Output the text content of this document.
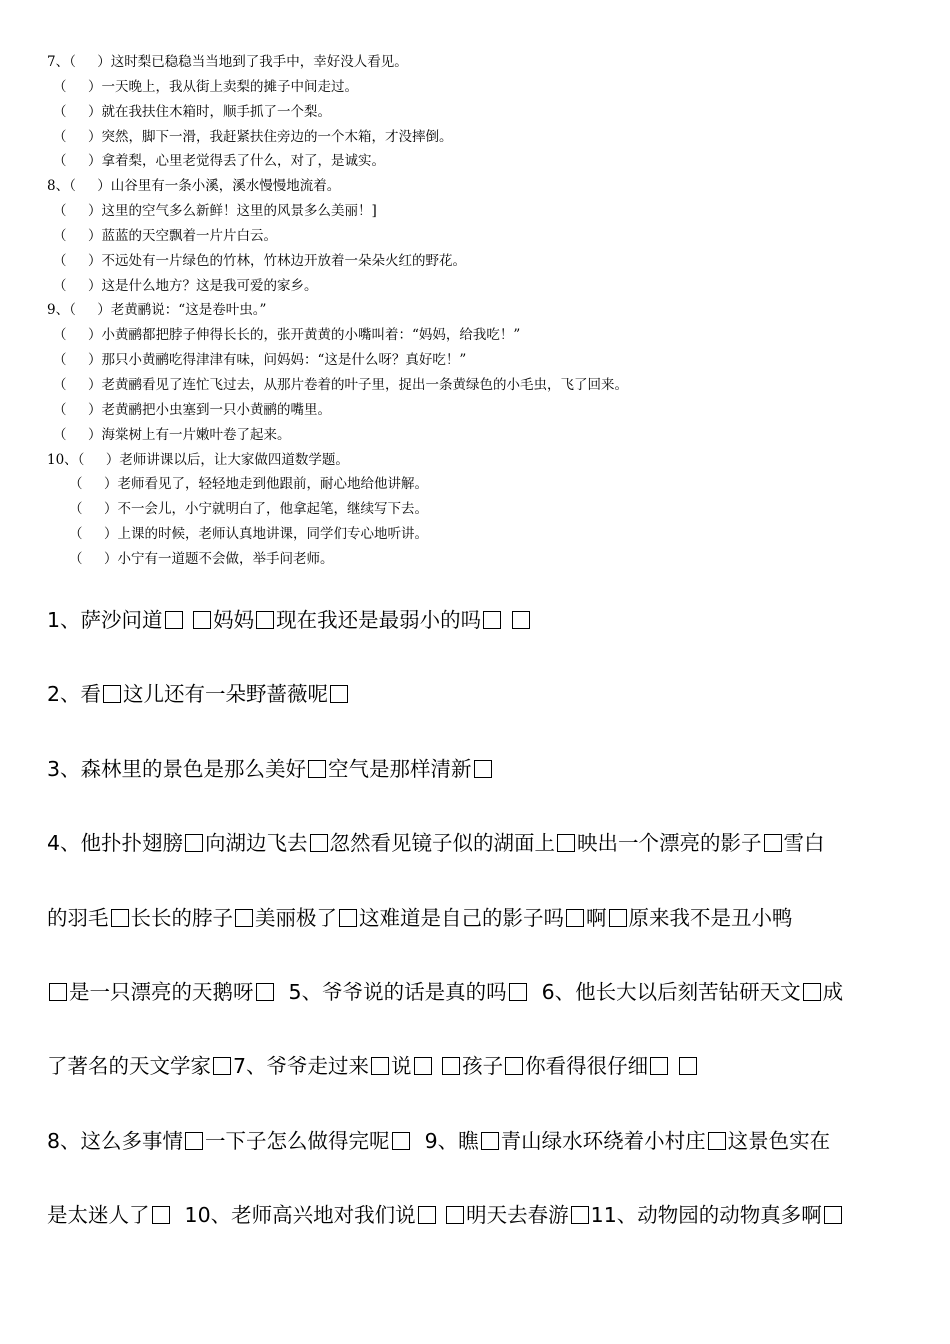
7、（     ）这时梨已稳稳当当地到了我手中，幸好没人看见。
（     ）一天晚上，我从街上卖梨的摊子中间走过。
（     ）就在我扶住木箱时，顺手抓了一个梨。
（     ）突然，脚下一滑，我赶紧扶住旁边的一个木箱，才没摔倒。
（     ）拿着梨，心里老觉得丢了什么，对了，是诚实。
8、（     ）山谷里有一条小溪，溪水慢慢地流着。
（     ）这里的空气多么新鲜！这里的风景多么美丽！]
（     ）蓝蓝的天空飘着一片片白云。
（     ）不远处有一片绿色的竹林，竹林边开放着一朵朵火红的野花。
（     ）这是什么地方？这是我可爱的家乡。
9、（     ）老黄鹂说：“这是卷叶虫。”
（     ）小黄鹂都把脖子伸得长长的，张开黄黄的小嘴叫着：“妈妈，给我吃！”
（     ）那只小黄鹂吃得津津有味，问妈妈：“这是什么呀？真好吃！”
（     ）老黄鹂看见了连忙飞过去，从那片卷着的叶子里，捉出一条黄绿色的小毛虫，飞了回来。
（     ）老黄鹂把小虫塞到一只小黄鹂的嘴里。
（     ）海棠树上有一片嫩叶卷了起来。
10、（     ）老师讲课以后，让大家做四道数学题。
（     ）老师看见了，轻轻地走到他跟前，耐心地给他讲解。
（     ）不一会儿，小宁就明白了，他拿起笔，继续写下去。
（     ）上课的时候，老师认真地讲课，同学们专心地听讲。
（     ）小宁有一道题不会做，举手问老师。
1、萨沙问道 妈妈 现在我还是最弱小的吗
2、看 这儿还有一朵野蔷薇呢
3、森林里的景色是那么美好 空气是那样清新
4、他扑扑翅膀 向湖边飞去 忽然看见镜子似的湖面上 映出一个漂亮的影子 雪白
的羽毛 长长的脖子 美丽极了 这难道是自己的影子吗 啊 原来我不是丑小鸭
是一只漂亮的天鹅呀  5、爷爷说的话是真的吗  6、他长大以后刻苦钻研天文 成
了著名的天文学家 7、爷爷走过来 说 孩子 你看得很仔细
8、这么多事情 一下子怎么做得完呢  9、瞧 青山绿水环绕着小村庄 这景色实在
是太迷人了  10、老师高兴地对我们说 明天去春游 11、动物园的动物真多啊
